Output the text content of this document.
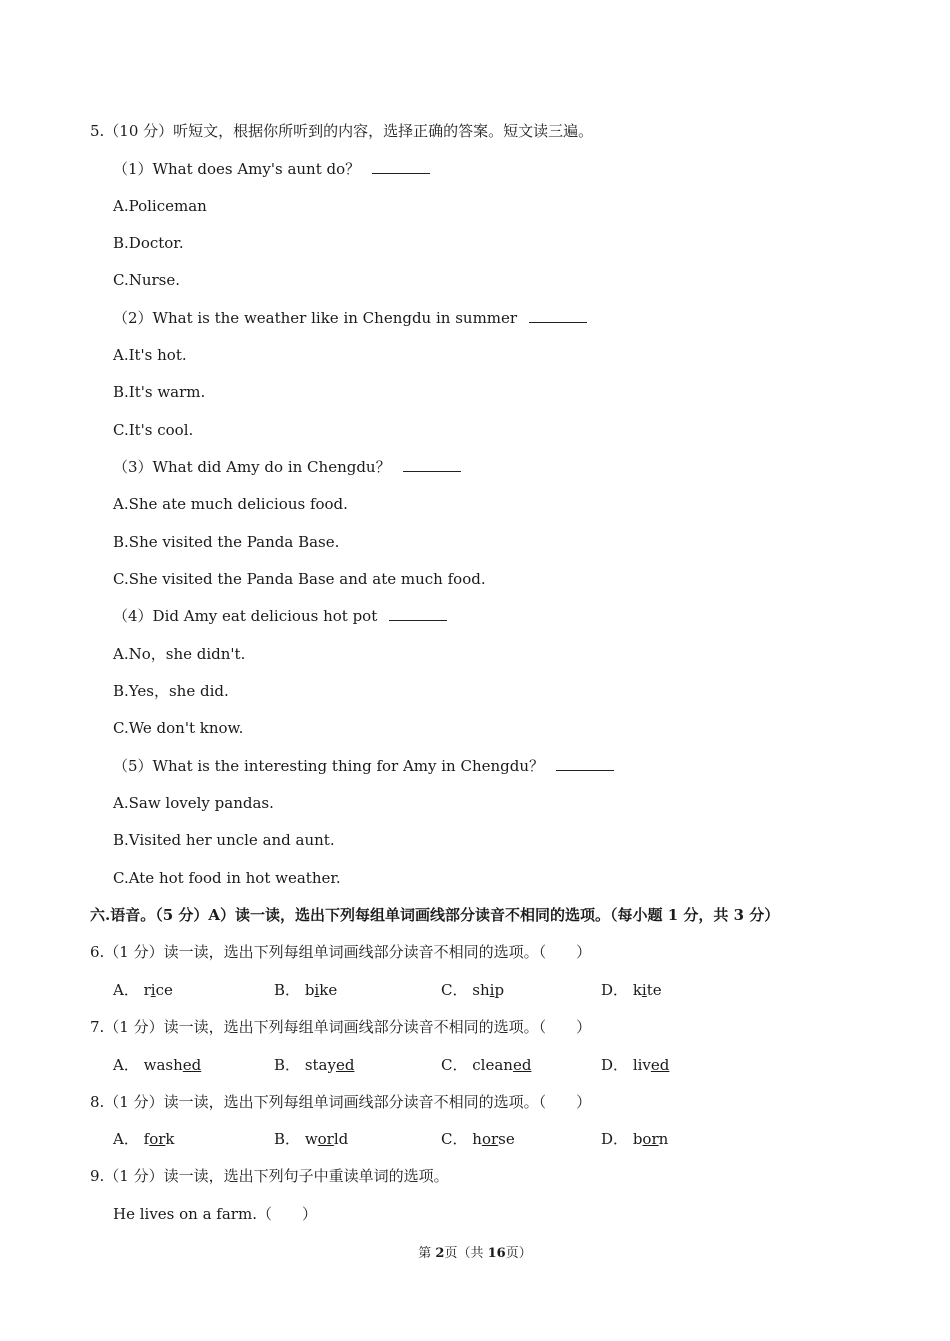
5.（10 分）听短文，根据你所听到的内容，选择正确的答案。短文读三遍。
（1）What does Amy's aunt do？
A.Policeman
B.Doctor.
C.Nurse.
（2）What is the weather like in Chengdu in summer
A.It's hot.
B.It's warm.
C.It's cool.
（3）What did Amy do in Chengdu？
A.She ate much delicious food.
B.She visited the Panda Base.
C.She visited the Panda Base and ate much food.
（4）Did Amy eat delicious hot pot
A.No，she didn't.
B.Yes，she did.
C.We don't know.
（5）What is the interesting thing for Amy in Chengdu？
A.Saw lovely pandas.
B.Visited her uncle and aunt.
C.Ate hot food in hot weather.
六.语音。（5 分）A）读一读，选出下列每组单词画线部分读音不相同的选项。（每小题 1 分，共 3 分）
6.（1 分）读一读，选出下列每组单词画线部分读音不相同的选项。（　　）
A． rice	B． bike	C． ship	D． kite
7.（1 分）读一读，选出下列每组单词画线部分读音不相同的选项。（　　）
A． washed	B． stayed	C． cleaned	D． lived
8.（1 分）读一读，选出下列每组单词画线部分读音不相同的选项。（　　）
A． fork	B． world	C． horse	D． born
9.（1 分）读一读，选出下列句子中重读单词的选项。
He lives on a farm.（　　）
第 2页（共 16页）
